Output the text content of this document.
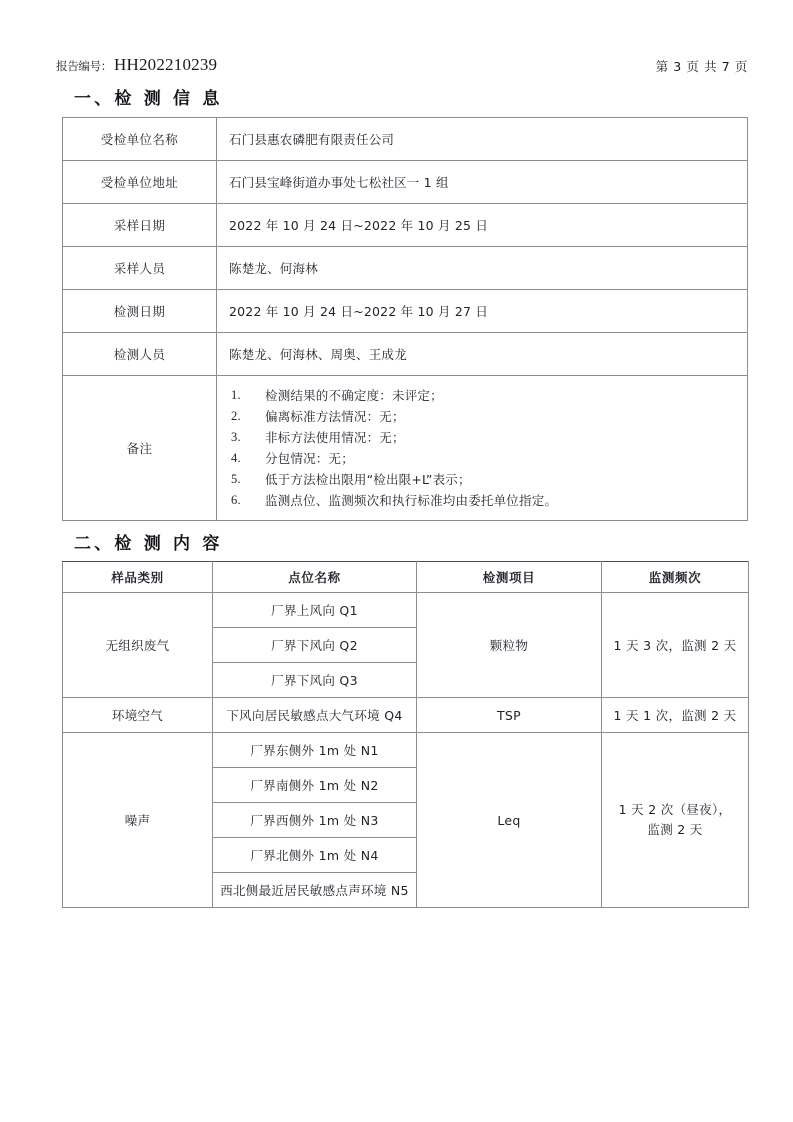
报告编号： HH202210239	第 3 页 共 7 页
一、检 测 信 息
受检单位名称	石门县惠农磷肥有限责任公司
受检单位地址	石门县宝峰街道办事处七松社区一 1 组
采样日期	2022 年 10 月 24 日~2022 年 10 月 25 日
采样人员	陈楚龙、何海林
检测日期	2022 年 10 月 24 日~2022 年 10 月 27 日
检测人员	陈楚龙、何海林、周奥、王成龙
备注	
1.	检测结果的不确定度：未评定；
2.	偏离标准方法情况：无；
3.	非标方法使用情况：无；
4.	分包情况：无；
5.	低于方法检出限用“检出限+L”表示；
6.	监测点位、监测频次和执行标准均由委托单位指定。
二、检 测 内 容
样品类别	点位名称	检测项目	监测频次
无组织废气	厂界上风向 Q1	颗粒物	1 天 3 次，监测 2 天
	厂界下风向 Q2		
	厂界下风向 Q3		
环境空气	下风向居民敏感点大气环境 Q4	TSP	1 天 1 次，监测 2 天
噪声	厂界东侧外 1m 处 N1	Leq	1 天 2 次（昼夜），
监测 2 天

	厂界南侧外 1m 处 N2		
	厂界西侧外 1m 处 N3		
	厂界北侧外 1m 处 N4		
	西北侧最近居民敏感点声环境 N5		
